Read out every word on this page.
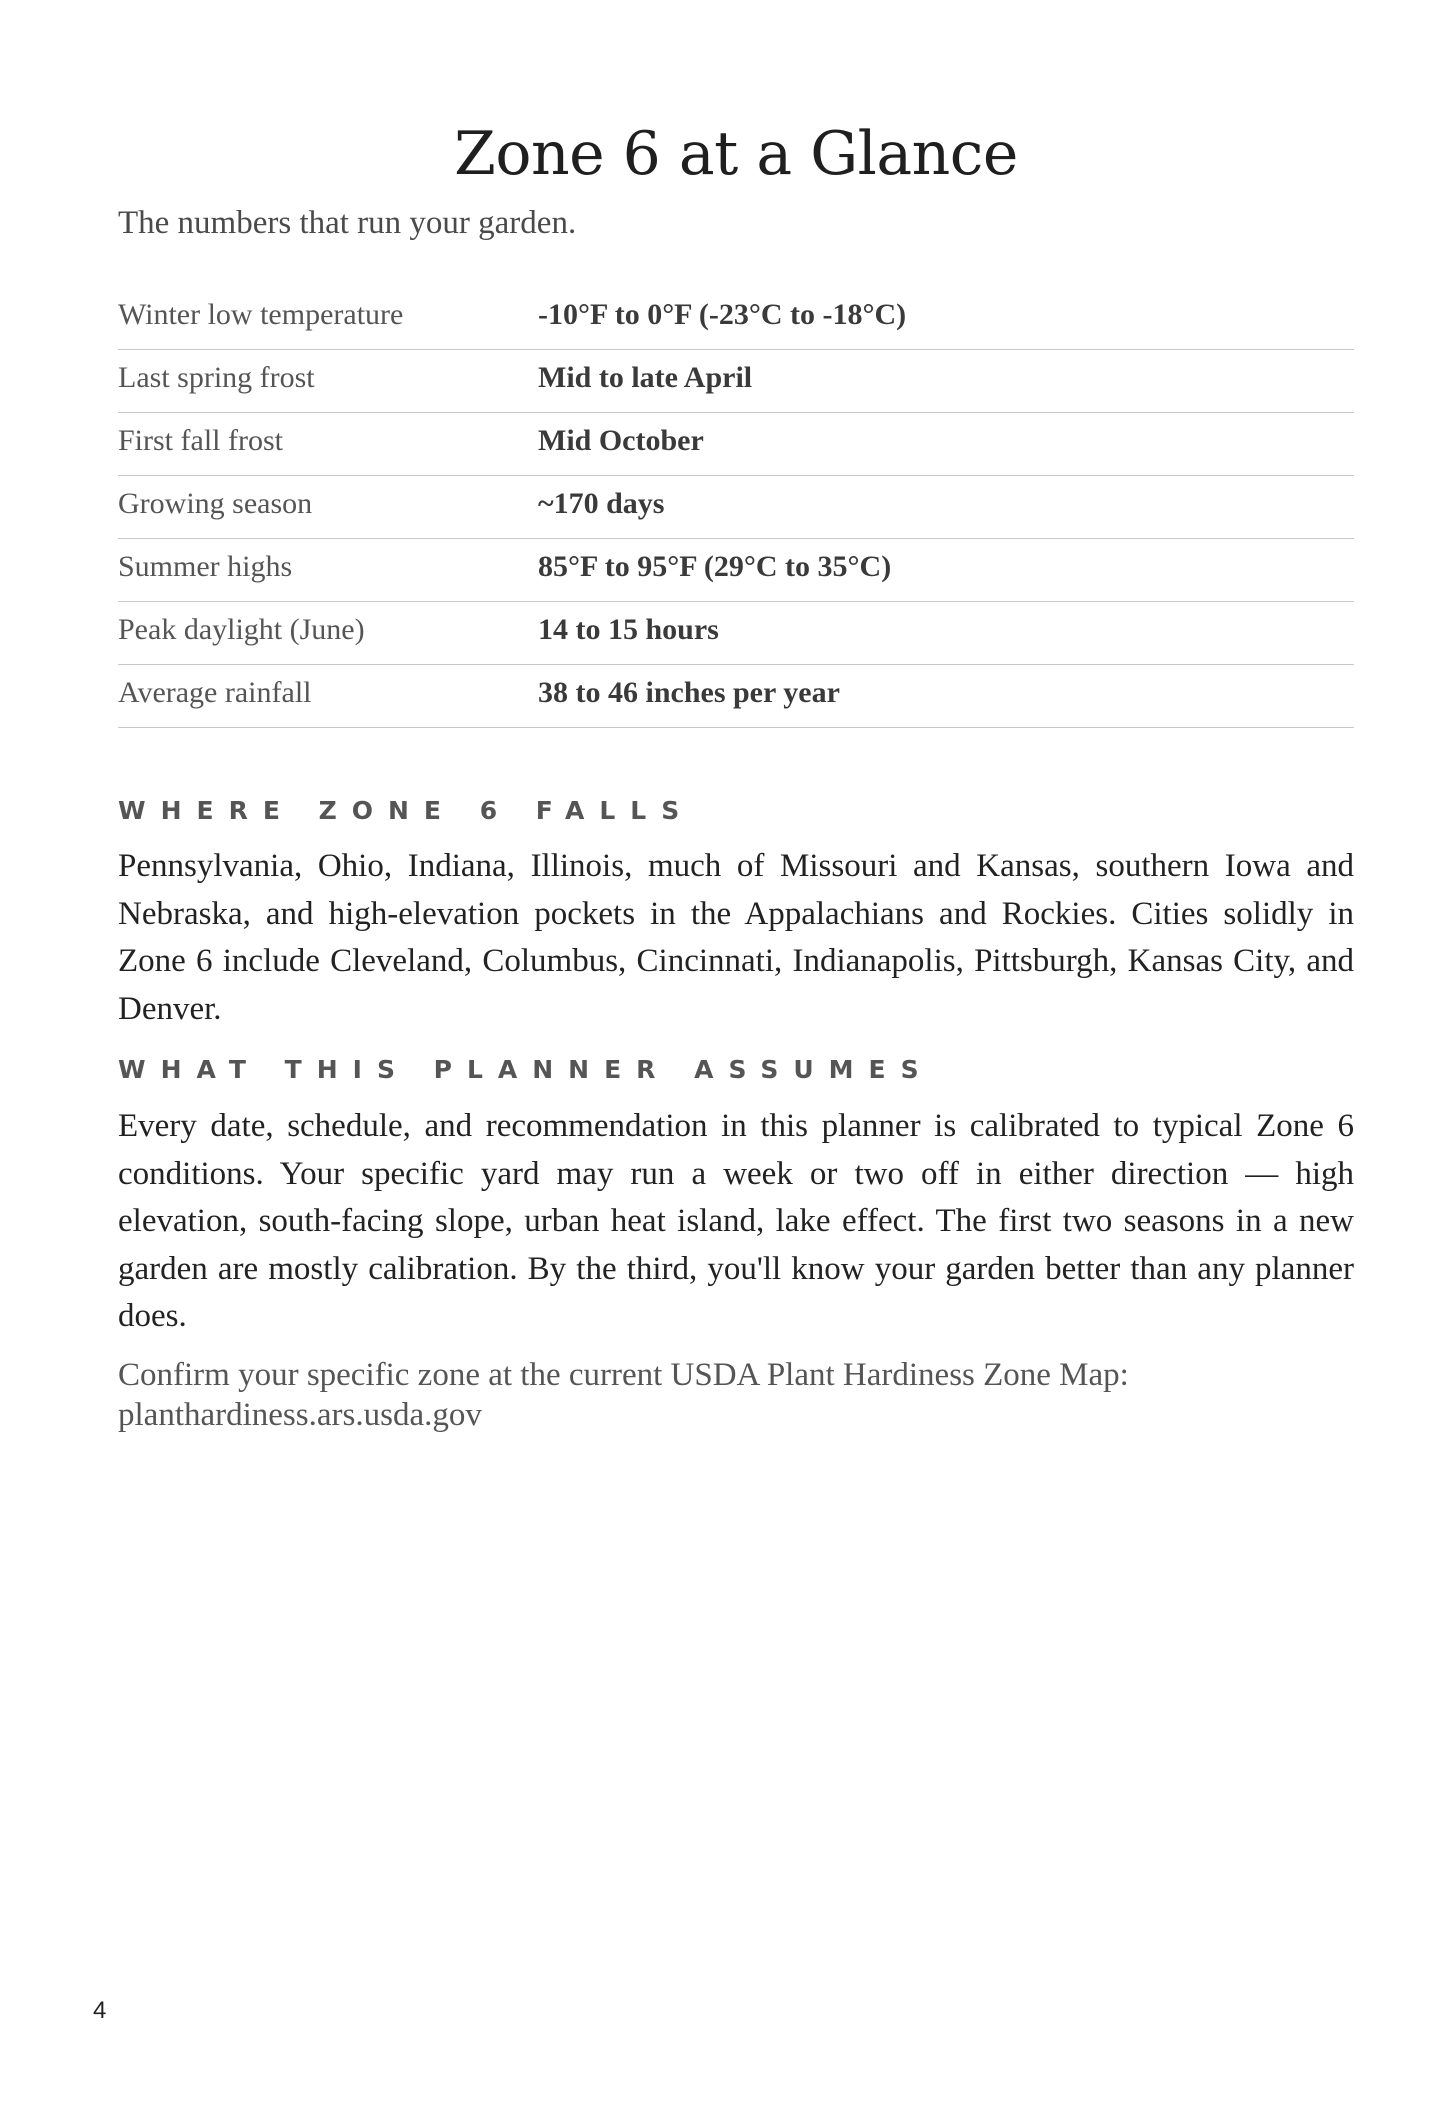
Zone 6 at a Glance

The numbers that run your garden.

Winter low temperature	-10°F to 0°F (-23°C to -18°C)
Last spring frost	Mid to late April
First fall frost	Mid October
Growing season	~170 days
Summer highs	85°F to 95°F (29°C to 35°C)
Peak daylight (June)	14 to 15 hours
Average rainfall	38 to 46 inches per year
WHERE ZONE 6 FALLS

Pennsylvania, Ohio, Indiana, Illinois, much of Missouri and Kansas, southern Iowa and Nebraska, and high-elevation pockets in the Appalachians and Rockies. Cities solidly in Zone 6 include Cleveland, Columbus, Cincinnati, Indianapolis, Pittsburgh, Kansas City, and Denver.

WHAT THIS PLANNER ASSUMES

Every date, schedule, and recommendation in this planner is calibrated to typical Zone 6 conditions. Your specific yard may run a week or two off in either direction — high elevation, south-facing slope, urban heat island, lake effect. The first two seasons in a new garden are mostly calibration. By the third, you'll know your garden better than any planner does.

Confirm your specific zone at the current USDA Plant Hardiness Zone Map:
planthardiness.ars.usda.gov

4
